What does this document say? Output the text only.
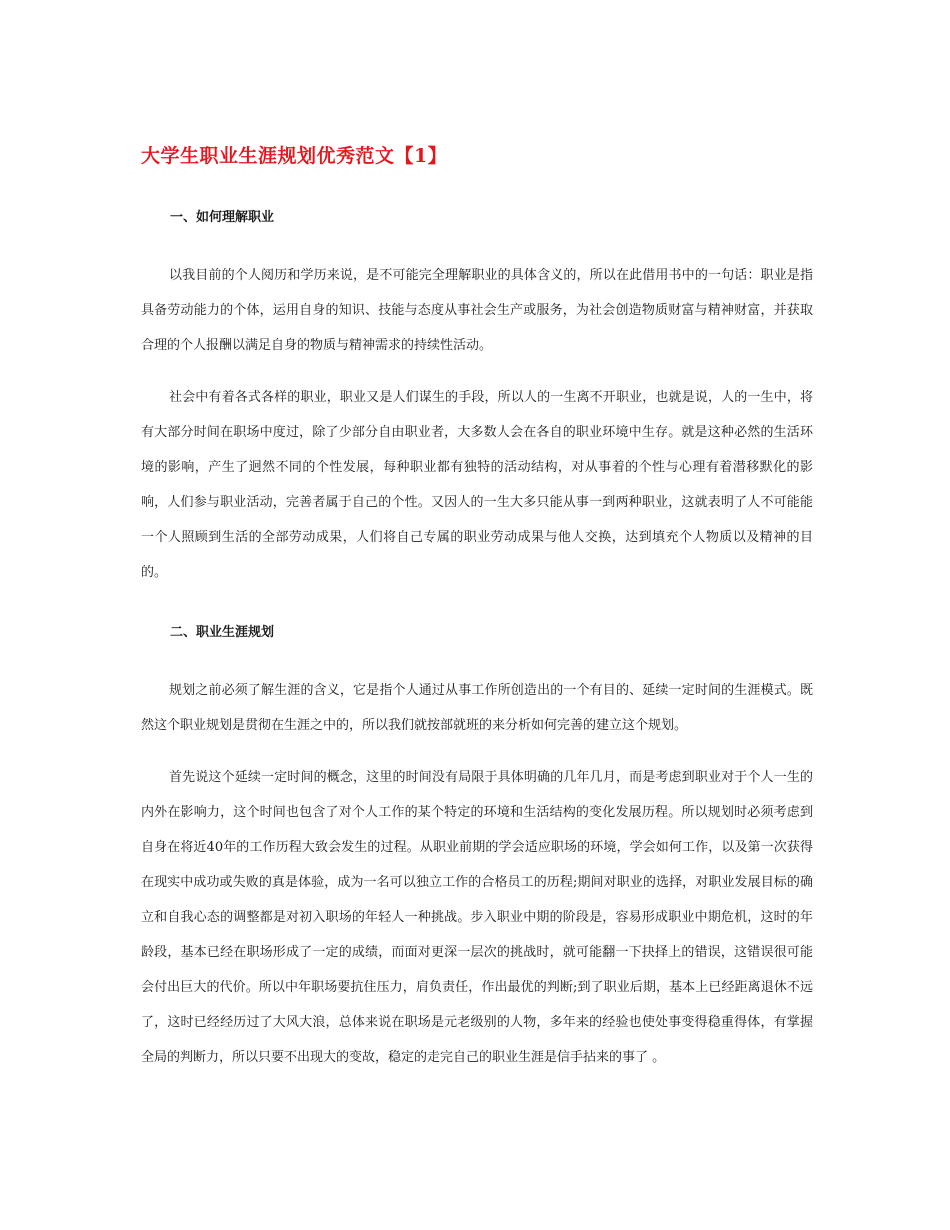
大学生职业生涯规划优秀范文【1】
一、如何理解职业

以我目前的个人阅历和学历来说，是不可能完全理解职业的具体含义的，所以在此借用书中的一句话：职业是指具备劳动能力的个体，运用自身的知识、技能与态度从事社会生产或服务，为社会创造物质财富与精神财富，并获取合理的个人报酬以满足自身的物质与精神需求的持续性活动。

社会中有着各式各样的职业，职业又是人们谋生的手段，所以人的一生离不开职业，也就是说，人的一生中，将有大部分时间在职场中度过，除了少部分自由职业者，大多数人会在各自的职业环境中生存。就是这种必然的生活环境的影响，产生了迥然不同的个性发展，每种职业都有独特的活动结构，对从事着的个性与心理有着潜移默化的影响，人们参与职业活动，完善者属于自己的个性。又因人的一生大多只能从事一到两种职业，这就表明了人不可能能一个人照顾到生活的全部劳动成果，人们将自己专属的职业劳动成果与他人交换，达到填充个人物质以及精神的目的。

二、职业生涯规划

规划之前必须了解生涯的含义，它是指个人通过从事工作所创造出的一个有目的、延续一定时间的生涯模式。既然这个职业规划是贯彻在生涯之中的，所以我们就按部就班的来分析如何完善的建立这个规划。

首先说这个延续一定时间的概念，这里的时间没有局限于具体明确的几年几月，而是考虑到职业对于个人一生的内外在影响力，这个时间也包含了对个人工作的某个特定的环境和生活结构的变化发展历程。所以规划时必须考虑到自身在将近40年的工作历程大致会发生的过程。从职业前期的学会适应职场的环境，学会如何工作，以及第一次获得在现实中成功或失败的真是体验，成为一名可以独立工作的合格员工的历程;期间对职业的选择，对职业发展目标的确立和自我心态的调整都是对初入职场的年轻人一种挑战。步入职业中期的阶段是，容易形成职业中期危机，这时的年龄段，基本已经在职场形成了一定的成绩，而面对更深一层次的挑战时，就可能翻一下抉择上的错误，这错误很可能会付出巨大的代价。所以中年职场要抗住压力，肩负责任，作出最优的判断;到了职业后期，基本上已经距离退休不远了，这时已经经历过了大风大浪，总体来说在职场是元老级别的人物，多年来的经验也使处事变得稳重得体，有掌握全局的判断力，所以只要不出现大的变故，稳定的走完自己的职业生涯是信手拈来的事了 。
